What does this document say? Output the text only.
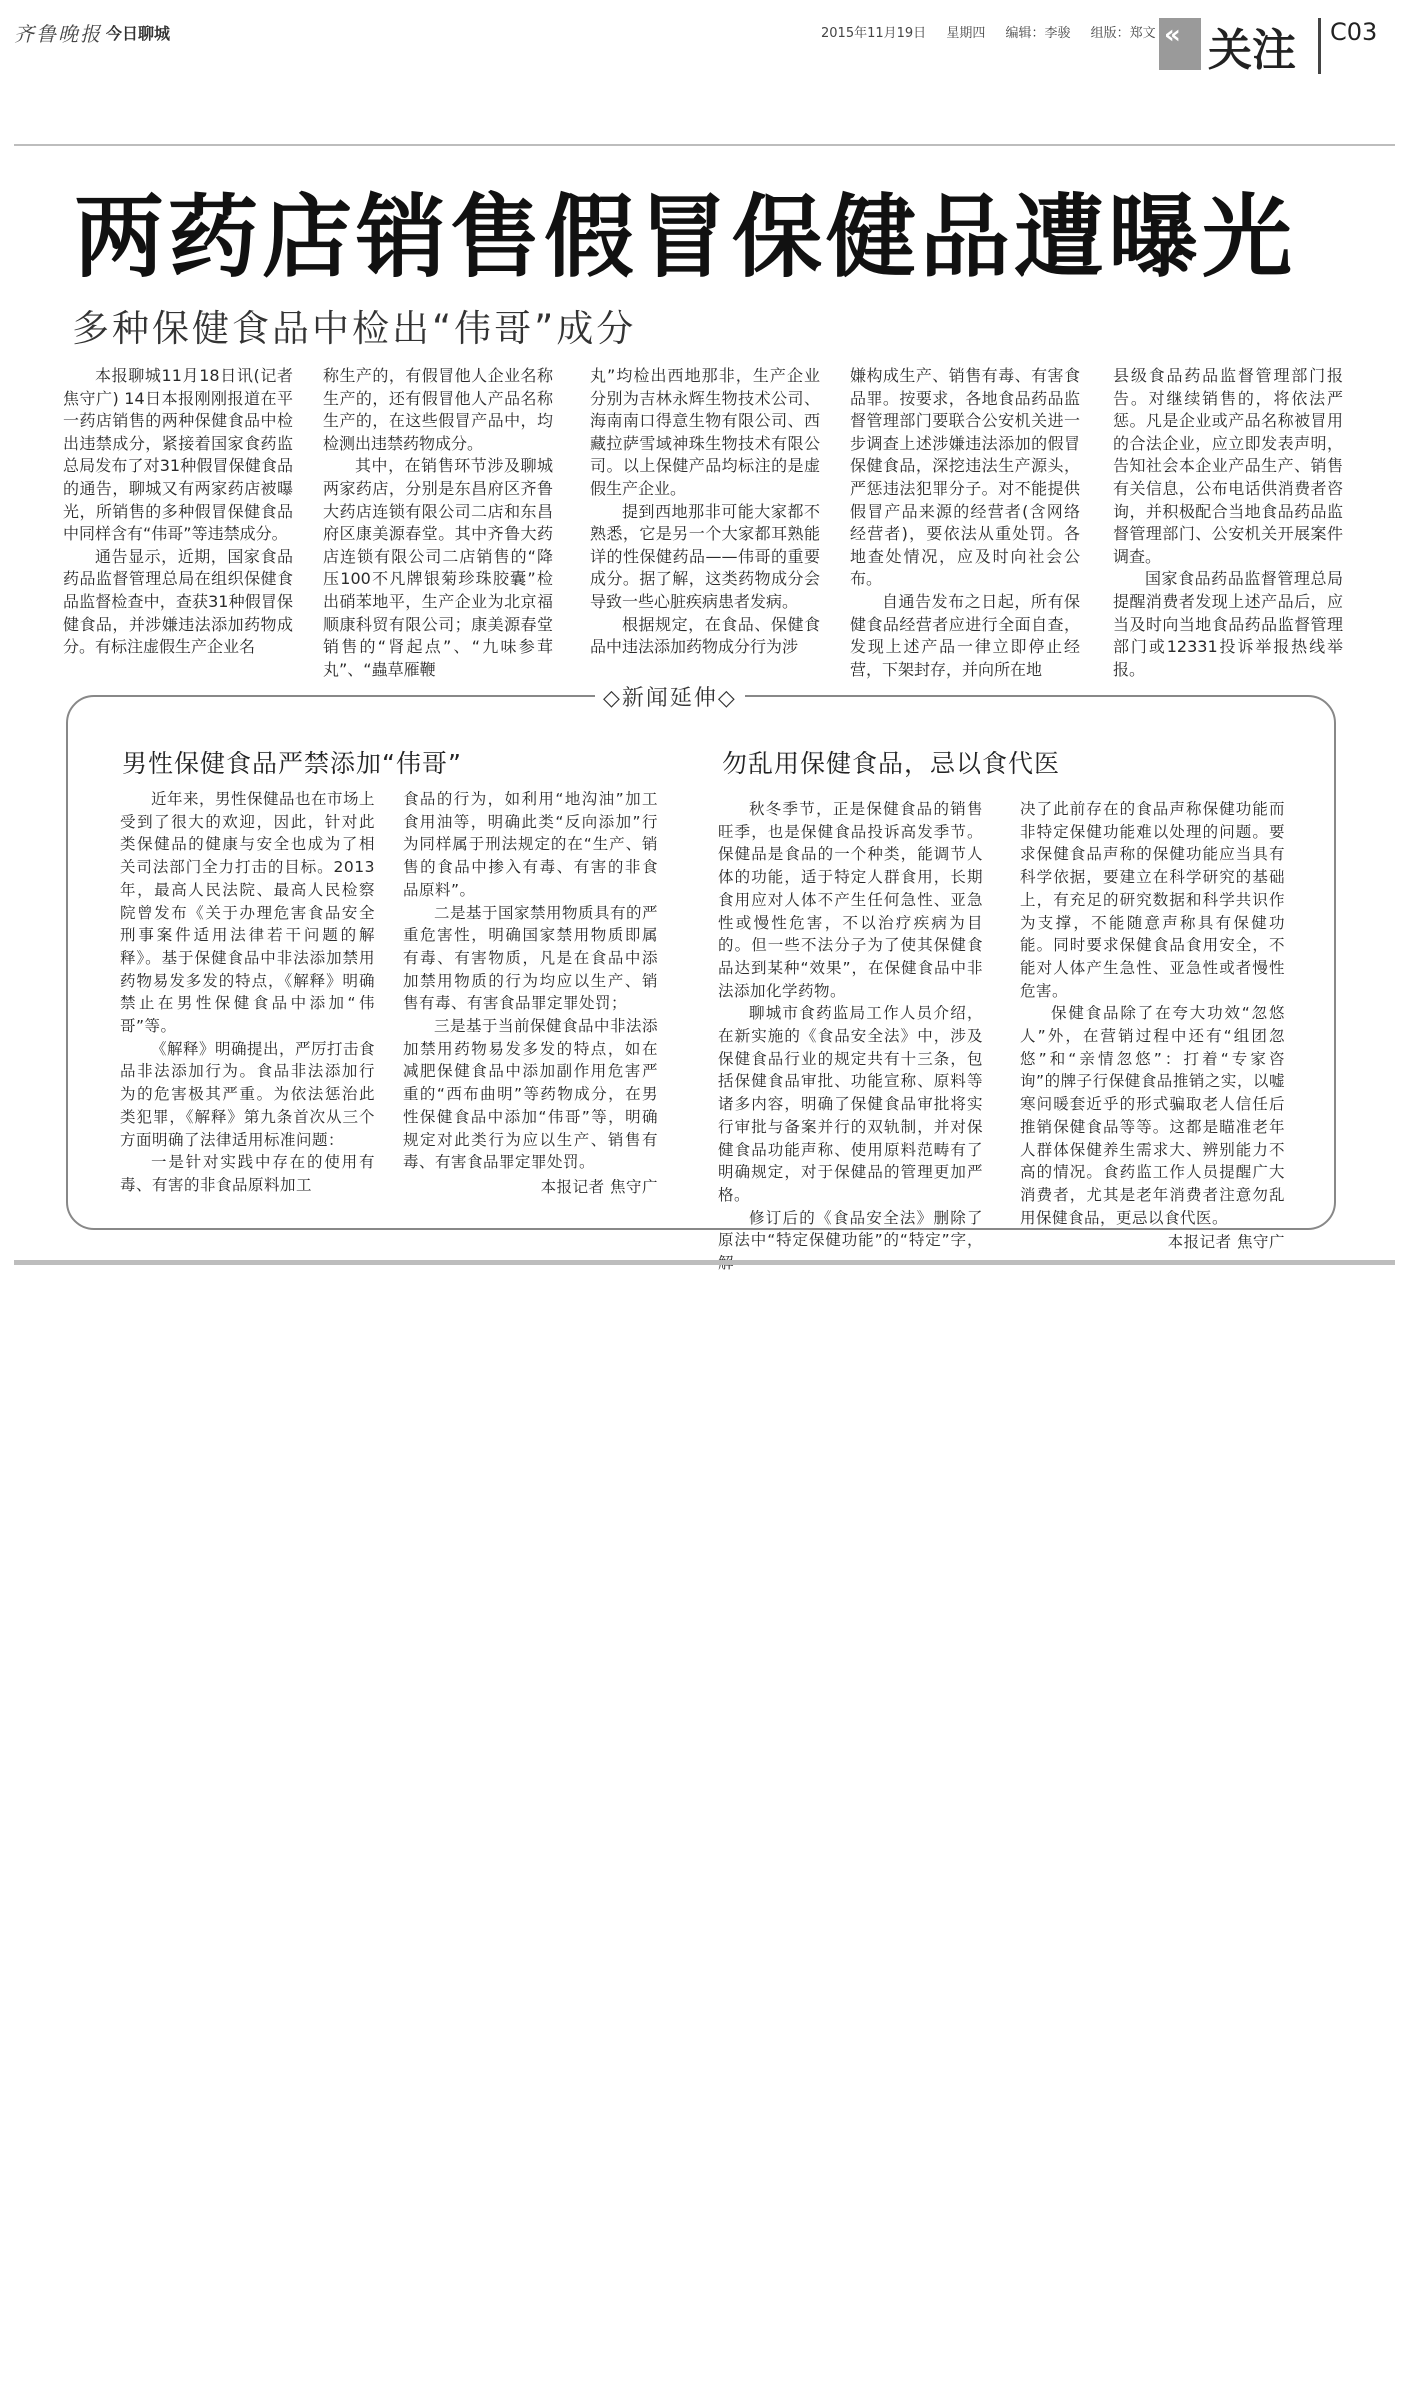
齐鲁晚报 今日聊城	2015年11月19日 星期四 编辑：李骏 组版：郑文 « 关注 C03
两药店销售假冒保健品遭曝光
多种保健食品中检出“伟哥”成分

本报聊城11月18日讯(记者 焦守广) 14日本报刚刚报道在平一药店销售的两种保健食品中检出违禁成分，紧接着国家食药监总局发布了对31种假冒保健食品的通告，聊城又有两家药店被曝光，所销售的多种假冒保健食品中同样含有“伟哥”等违禁成分。

通告显示，近期，国家食品药品监督管理总局在组织保健食品监督检查中，查获31种假冒保健食品，并涉嫌违法添加药物成分。有标注虚假生产企业名

称生产的，有假冒他人企业名称生产的，还有假冒他人产品名称生产的，在这些假冒产品中，均检测出违禁药物成分。

其中，在销售环节涉及聊城两家药店，分别是东昌府区齐鲁大药店连锁有限公司二店和东昌府区康美源春堂。其中齐鲁大药店连锁有限公司二店销售的“降压100不凡牌银菊珍珠胶囊”检出硝苯地平，生产企业为北京福顺康科贸有限公司；康美源春堂销售的“肾起点”、“九味参茸丸”、“蟲草雁鞭

丸”均检出西地那非，生产企业分别为吉林永辉生物技术公司、海南南口得意生物有限公司、西藏拉萨雪域神珠生物技术有限公司。以上保健产品均标注的是虚假生产企业。

提到西地那非可能大家都不熟悉，它是另一个大家都耳熟能详的性保健药品——伟哥的重要成分。据了解，这类药物成分会导致一些心脏疾病患者发病。

根据规定，在食品、保健食品中违法添加药物成分行为涉

嫌构成生产、销售有毒、有害食品罪。按要求，各地食品药品监督管理部门要联合公安机关进一步调查上述涉嫌违法添加的假冒保健食品，深挖违法生产源头，严惩违法犯罪分子。对不能提供假冒产品来源的经营者(含网络经营者)，要依法从重处罚。各地查处情况，应及时向社会公布。

自通告发布之日起，所有保健食品经营者应进行全面自查，发现上述产品一律立即停止经营，下架封存，并向所在地

县级食品药品监督管理部门报告。对继续销售的，将依法严惩。凡是企业或产品名称被冒用的合法企业，应立即发表声明，告知社会本企业产品生产、销售有关信息，公布电话供消费者咨询，并积极配合当地食品药品监督管理部门、公安机关开展案件调查。

国家食品药品监督管理总局提醒消费者发现上述产品后，应当及时向当地食品药品监督管理部门或12331投诉举报热线举报。

◇新闻延伸◇
男性保健食品严禁添加“伟哥”

近年来，男性保健品也在市场上受到了很大的欢迎，因此，针对此类保健品的健康与安全也成为了相关司法部门全力打击的目标。2013年，最高人民法院、最高人民检察院曾发布《关于办理危害食品安全刑事案件适用法律若干问题的解释》。基于保健食品中非法添加禁用药物易发多发的特点，《解释》明确禁止在男性保健食品中添加“伟哥”等。

《解释》明确提出，严厉打击食品非法添加行为。食品非法添加行为的危害极其严重。为依法惩治此类犯罪，《解释》第九条首次从三个方面明确了法律适用标准问题：

一是针对实践中存在的使用有毒、有害的非食品原料加工

食品的行为，如利用“地沟油”加工食用油等，明确此类“反向添加”行为同样属于刑法规定的在“生产、销售的食品中掺入有毒、有害的非食品原料”。

二是基于国家禁用物质具有的严重危害性，明确国家禁用物质即属有毒、有害物质，凡是在食品中添加禁用物质的行为均应以生产、销售有毒、有害食品罪定罪处罚；

三是基于当前保健食品中非法添加禁用药物易发多发的特点，如在减肥保健食品中添加副作用危害严重的“西布曲明”等药物成分，在男性保健食品中添加“伟哥”等，明确规定对此类行为应以生产、销售有毒、有害食品罪定罪处罚。

本报记者 焦守广
勿乱用保健食品，忌以食代医

秋冬季节，正是保健食品的销售旺季，也是保健食品投诉高发季节。保健品是食品的一个种类，能调节人体的功能，适于特定人群食用，长期食用应对人体不产生任何急性、亚急性或慢性危害，不以治疗疾病为目的。但一些不法分子为了使其保健食品达到某种“效果”，在保健食品中非法添加化学药物。

聊城市食药监局工作人员介绍，在新实施的《食品安全法》中，涉及保健食品行业的规定共有十三条，包括保健食品审批、功能宣称、原料等诸多内容，明确了保健食品审批将实行审批与备案并行的双轨制，并对保健食品功能声称、使用原料范畴有了明确规定，对于保健品的管理更加严格。

修订后的《食品安全法》删除了原法中“特定保健功能”的“特定”字，

决了此前存在的食品声称保健功能而非特定保健功能难以处理的问题。要求保健食品声称的保健功能应当具有科学依据，要建立在科学研究的基础上，有充足的研究数据和科学共识作为支撑，不能随意声称具有保健功能。同时要求保健食品食用安全，不能对人体产生急性、亚急性或者慢性危害。

保健食品除了在夸大功效“忽悠人”外，在营销过程中还有“组团忽悠”和“亲情忽悠”：打着“专家咨询”的牌子行保健食品推销之实，以嘘寒问暖套近乎的形式骗取老人信任后推销保健食品等等。这都是瞄准老年人群体保健养生需求大、辨别能力不高的情况。食药监工作人员提醒广大消费者，尤其是老年消费者注意勿乱用保健食品，更忌以食代医。

本报记者 焦守广
